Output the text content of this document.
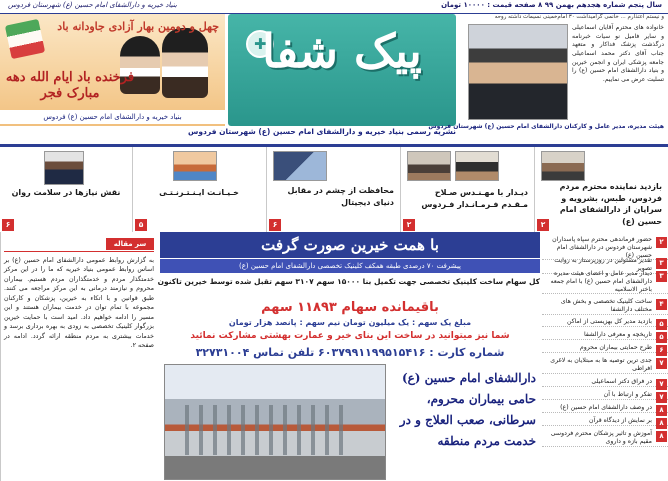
سال پنجم شماره هجدهم بهمن ۹۹ ۸ صفحه قیمت : ۱۰۰۰۰ تومان
بنیاد خیریه و دارالشفای امام حسین (ع) شهرستان فردوس
چهل و دومین بهار آزادی جاودانه باد
فرخنده باد ایام الله دهه مبارک فجر
بنیاد خیریه و دارالشفای امام حسین (ع) فردوس
✚
پیک شفا
نشریه رسمی بنیاد خیریه و دارالشفای امام حسین (ع) شهرستان فردوس
و نیستم اعتذارم ... خانمی گرامیداشت ۳۰ امام‌خمینی نسیمات داشته روحه
خانواده های محترم آقایان اسماعیلی و سایر فامیل نو سیات خبرنامه درگذشت پزشک فداکار و متعهد جناب آقای دکتر محمد اسماعیلی جامعه پزشکی ایران و انجمن خیرین و بنیاد دارالشفای امام حسین (ع) را تسلیت عرض می نماییم.
هیئت مدیره، مدیر عامل و کارکنان دارالشفای امام حسین (ع) شهرستان فردوس
بازدید نماینده محترم مردم فردوس، طبس، بشرویه و سرایان از دارالشفای امام حسین (ع)
۲
دیـدار با مهـنـدس صـلاح مـقـدم فـرمـانـدار فـردوس
۲
محافظت از چشم در مقابل دنیای دیجیتال
۶
خـیـانـت ایـنـتـرنـتـی
۵
نقش نیازها در سلامت روان
۶
۲
حضور فرماندهی محترم سپاه پاسداران شهرستان فردوس در دارالشفای امام حسین (ع)
۳
تقدیر مسئولین در روزپرستار به روایت تصویر
۳
دیدار مدیر عامل و اعضای هیئت مدیره دارالشفای امام حسین (ع) با امام جمعه باختر الاسلامیه
۴
ساخت کلینیک تخصصی و بخش های مختلف دارالشفا
۵
بازدید مدیر کل بهزیستی از اماکن
۵
تاریخچه و معرفی دارالشفا
۶
طرح حمایتی بیماران محروم
۷
جدی ترین توصیه ها به مبتلایان به لاغری افراطی
۷
در فراق دکتر اسماعیلی
۷
تفکر و ارتباط با آن
۸
در وصف دارالشفای امام حسین (ع)
۸
بر نمایش از دیدگاه قرآن
۸
آموزش و تاثیر پزشکان محترم فردوسی مقیم بازه و داروی
با همت خیرین صورت گرفت
پیشرفت ۷۰ درصدی طبقه همکف کلینیک تخصصی دارالشفای امام حسین (ع)
کل سهام ساخت کلینیک تخصصی جهت تکمیل بنا ۱۵۰۰۰ سهم ۳۱۰۷ سهم تقبل شده توسط خیرین تاکنون
باقیمانده سهام ۱۱۸۹۳ سهم
مبلغ یک سهم : یک میلیون تومان نیم سهم : پانصد هزار تومان
شما نیز میتوانید در ساخت این بنای خیر و عمارت بهشتی مشارکت نمائید
شماره کارت : ۶۰۳۷۹۹۱۱۹۹۵۱۵۴۱۶ تلفن تماس ۳۲۷۳۱۰۰۴
دارالشفای امام حسین (ع) حامی بیماران محروم، سرطانی، صعب العلاج و در خدمت مردم منطقه
سر مقاله
به گزارش روابط عمومی دارالشفای امام حسین (ع) بر اساس روابط عمومی بنیاد خیریه که ما را در این مرکز خدمتگذار مردم و خدمتگذاران مردم هستیم. بیماران محروم و نیازمند درمانی به این مرکز مراجعه می کنند. طبق قوانین و با اتکاء به خیرین، پزشکان و کارکنان مجموعه با تمام توان در خدمت بیماران هستند و این مسیر را ادامه خواهیم داد. امید است با حمایت خیرین بزرگوار کلینیک تخصصی به زودی به بهره برداری برسد و خدمات بیشتری به مردم منطقه ارائه گردد. ادامه در صفحه ۲.
